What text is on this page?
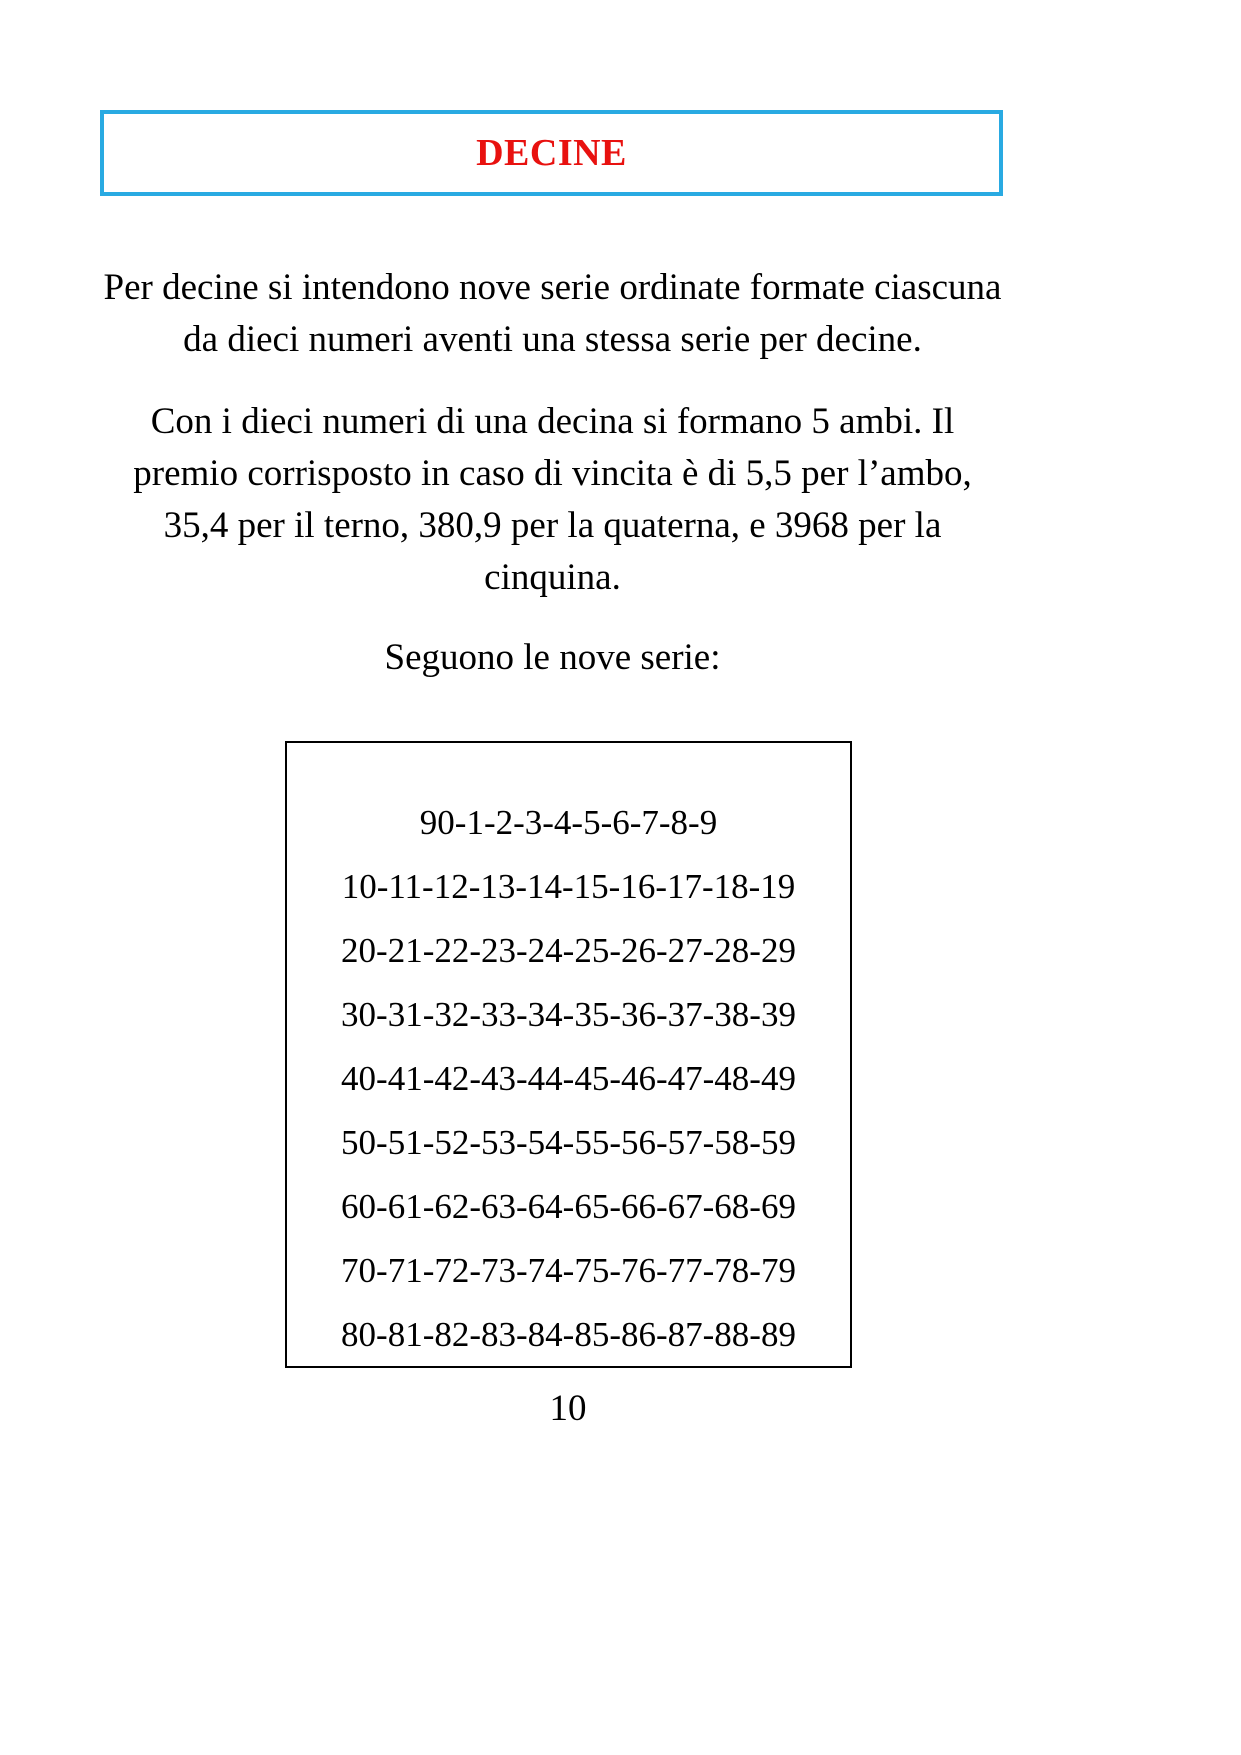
DECINE

Per decine si intendono nove serie ordinate formate ciascuna da dieci numeri aventi una stessa serie per decine.

Con i dieci numeri di una decina si formano 5 ambi. Il premio corrisposto in caso di vincita è di 5,5 per l’ambo, 35,4 per il terno, 380,9 per la quaterna, e 3968 per la cinquina.

Seguono le nove serie:

90-1-2-3-4-5-6-7-8-9
10-11-12-13-14-15-16-17-18-19
20-21-22-23-24-25-26-27-28-29
30-31-32-33-34-35-36-37-38-39
40-41-42-43-44-45-46-47-48-49
50-51-52-53-54-55-56-57-58-59
60-61-62-63-64-65-66-67-68-69
70-71-72-73-74-75-76-77-78-79
80-81-82-83-84-85-86-87-88-89
10
